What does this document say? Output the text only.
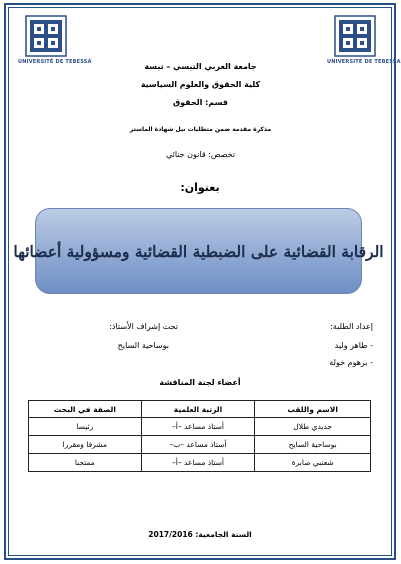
UNIVERSITÉ DE TEBESSA	UNIVERSITÉ DE TEBESSA
جامعة العربي التبسي – تبسة
كلية الحقوق والعلوم السياسية
قسم: الحقوق
مذكرة مقدمة ضمن متطلبات نيل شهادة الماستر
تخصص: قانون جنائي
بعنوان:
الرقابة القضائية على الضبطية القضائية ومسؤولية أعضائها
إعداد الطلبة:
- طاهر وليد
- برهوم خولة
تحت إشراف الأستاذ:
بوساحية السايح
أعضاء لجنة المناقشة
الاسم واللقب	الرتبة العلمية	الصفة في البحث
جديدي طلال	أستاذ مساعد –أ–	رئيسا
بوساحية السايح	أستاذ مساعد –ب–	مشرفا ومقررا
شعنبي صابرة	أستاذ مساعد –أ–	ممتحنا
السنة الجامعية: 2017/2016
